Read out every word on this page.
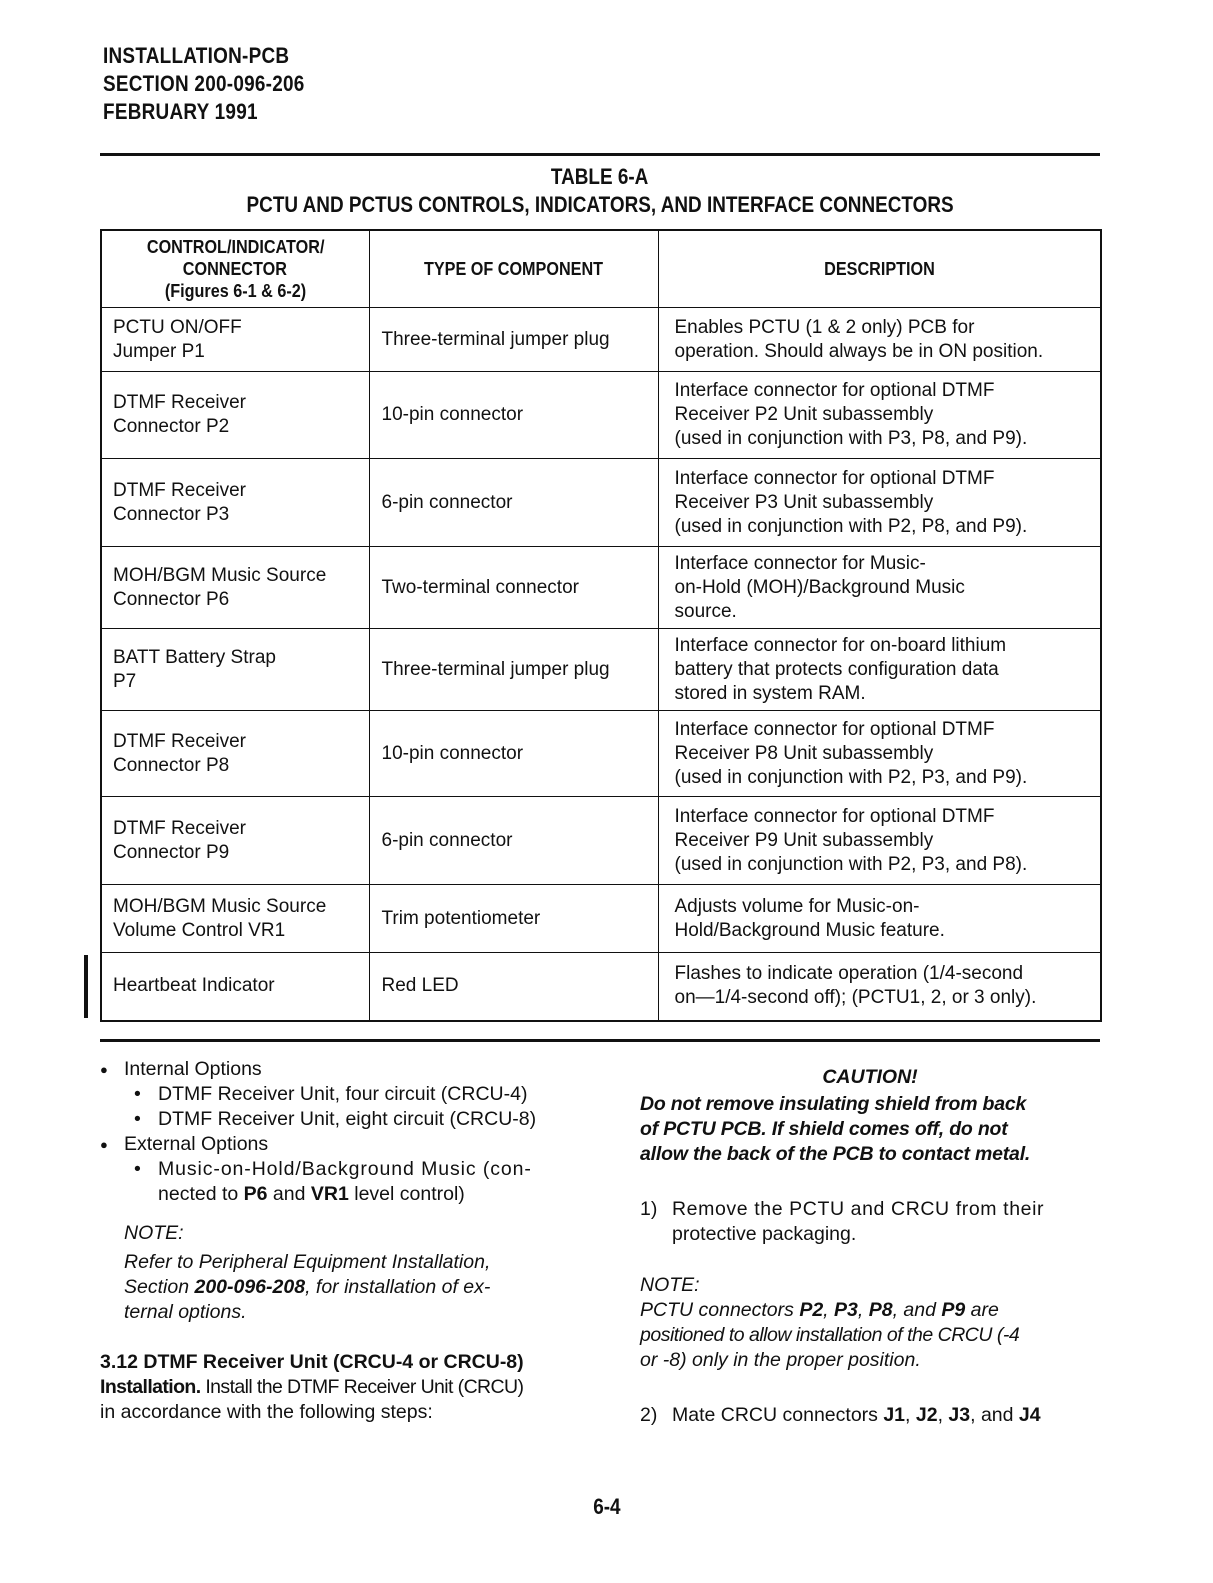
INSTALLATION-PCB
SECTION 200-096-206
FEBRUARY 1991
TABLE 6-A
PCTU AND PCTUS CONTROLS, INDICATORS, AND INTERFACE CONNECTORS
CONTROL/INDICATOR/
CONNECTOR
(Figures 6-1 & 6-2)	TYPE OF COMPONENT	DESCRIPTION

PCTU ON/OFF
Jumper P1	Three-terminal jumper plug	Enables PCTU (1 & 2 only) PCB for
operation. Should always be in ON position.

DTMF Receiver
Connector P2	10-pin connector	Interface connector for optional DTMF
Receiver P2 Unit subassembly
(used in conjunction with P3, P8, and P9).

DTMF Receiver
Connector P3	6-pin connector	Interface connector for optional DTMF
Receiver P3 Unit subassembly
(used in conjunction with P2, P8, and P9).

MOH/BGM Music Source
Connector P6	Two-terminal connector	Interface connector for Music-
on-Hold (MOH)/Background Music
source.

BATT Battery Strap
P7	Three-terminal jumper plug	Interface connector for on-board lithium
battery that protects configuration data
stored in system RAM.

DTMF Receiver
Connector P8	10-pin connector	Interface connector for optional DTMF
Receiver P8 Unit subassembly
(used in conjunction with P2, P3, and P9).

DTMF Receiver
Connector P9	6-pin connector	Interface connector for optional DTMF
Receiver P9 Unit subassembly
(used in conjunction with P2, P3, and P8).

MOH/BGM Music Source
Volume Control VR1	Trim potentiometer	Adjusts volume for Music-on-
Hold/Background Music feature.

Heartbeat Indicator	Red LED	Flashes to indicate operation (1/4-second
on—1/4-second off); (PCTU1, 2, or 3 only).
● Internal Options
• DTMF Receiver Unit, four circuit (CRCU-4)
• DTMF Receiver Unit, eight circuit (CRCU-8)
● External Options
• Music-on-Hold/Background Music (con-
nected to P6 and VR1 level control)
NOTE:
Refer to Peripheral Equipment Installation,
Section 200-096-208, for installation of ex-
ternal options.
3.12 DTMF Receiver Unit (CRCU-4 or CRCU-8)
Installation. Install the DTMF Receiver Unit (CRCU)
in accordance with the following steps:
CAUTION!
Do not remove insulating shield from back
of PCTU PCB. If shield comes off, do not
allow the back of the PCB to contact metal.
1) Remove the PCTU and CRCU from their
protective packaging.
NOTE:
PCTU connectors P2, P3, P8, and P9 are
positioned to allow installation of the CRCU (-4
or -8) only in the proper position.
2) Mate CRCU connectors J1, J2, J3, and J4
6-4
